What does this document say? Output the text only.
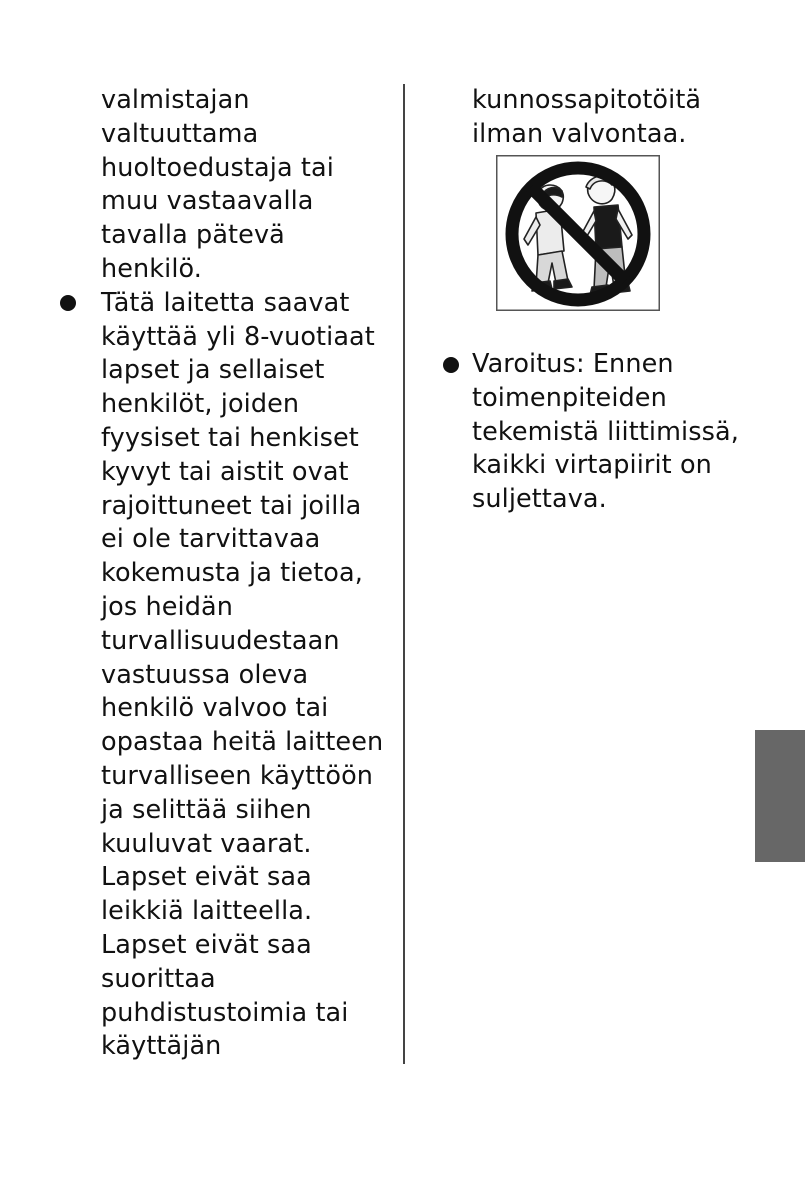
valmistajan
valtuuttama
huoltoedustaja tai
muu vastaavalla
tavalla pätevä
henkilö.
Tätä laitetta saavat
käyttää yli 8-vuotiaat
lapset ja sellaiset
henkilöt, joiden
fyysiset tai henkiset
kyvyt tai aistit ovat
rajoittuneet tai joilla
ei ole tarvittavaa
kokemusta ja tietoa,
jos heidän
turvallisuudestaan
vastuussa oleva
henkilö valvoo tai
opastaa heitä laitteen
turvalliseen käyttöön
ja selittää siihen
kuuluvat vaarat.
Lapset eivät saa
leikkiä laitteella.
Lapset eivät saa
suorittaa
puhdistustoimia tai
käyttäjän
kunnossapitotöitä
ilman valvontaa.
Varoitus: Ennen
toimenpiteiden
tekemistä liittimissä,
kaikki virtapiirit on
suljettava.
